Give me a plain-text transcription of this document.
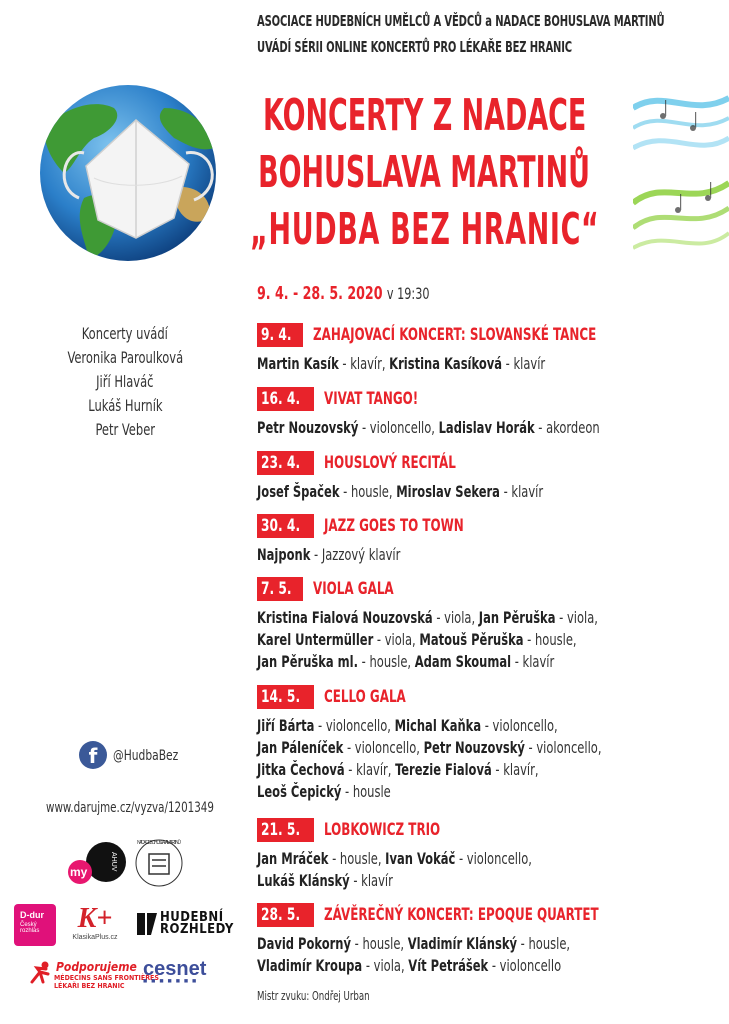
ASOCIACE HUDEBNÍCH UMĚLCŮ A VĚDCŮ a NADACE BOHUSLAVA MARTINŮ
UVÁDÍ SÉRII ONLINE KONCERTŮ PRO LÉKAŘE BEZ HRANIC
KONCERTY Z NADACE
BOHUSLAVA MARTINŮ
„HUDBA BEZ HRANIC“
9. 4. - 28. 5. 2020 v 19:30
Koncerty uvádí
Veronika Paroulková
Jiří Hlaváč
Lukáš Hurník
Petr Veber
9. 4.	ZAHAJOVACÍ KONCERT: SLOVANSKÉ TANCE
Martin Kasík - klavír, Kristina Kasíková - klavír
16. 4.	VIVAT TANGO!
Petr Nouzovský - violoncello, Ladislav Horák - akordeon
23. 4.	HOUSLOVÝ RECITÁL
Josef Špaček - housle, Miroslav Sekera - klavír
30. 4.	JAZZ GOES TO TOWN
Najponk - Jazzový klavír
7. 5.	VIOLA GALA
Kristina Fialová Nouzovská - viola, Jan Pěruška - viola,
Karel Untermüller - viola, Matouš Pěruška - housle,
Jan Pěruška ml. - housle, Adam Skoumal - klavír
14. 5.	CELLO GALA
Jiří Bárta - violoncello, Michal Kaňka - violoncello,
Jan Páleníček - violoncello, Petr Nouzovský - violoncello,
Jitka Čechová - klavír, Terezie Fialová - klavír,
Leoš Čepický - housle
21. 5.	LOBKOWICZ TRIO
Jan Mráček - housle, Ivan Vokáč - violoncello,
Lukáš Klánský - klavír
28. 5.	ZÁVĚREČNÝ KONCERT: EPOQUE QUARTET
David Pokorný - housle, Vladimír Klánský - housle,
Vladimír Kroupa - viola, Vít Petrášek - violoncello
f	@HudbaBez
www.darujme.cz/vyzva/1201349
AHUV
my
NADACE BOHUSLAVA MARTINŮ
D-dur
Český rozhlas	K+
KlasikaPlus.cz
HUDEBNÍ
ROZHLEDY
Podporujeme
MÉDECINS SANS FRONTIÈRES
LÉKAŘI BEZ HRANIC
cesnet
■ ■ ■ ■ ■ ■ ■
Mistr zvuku: Ondřej Urban
